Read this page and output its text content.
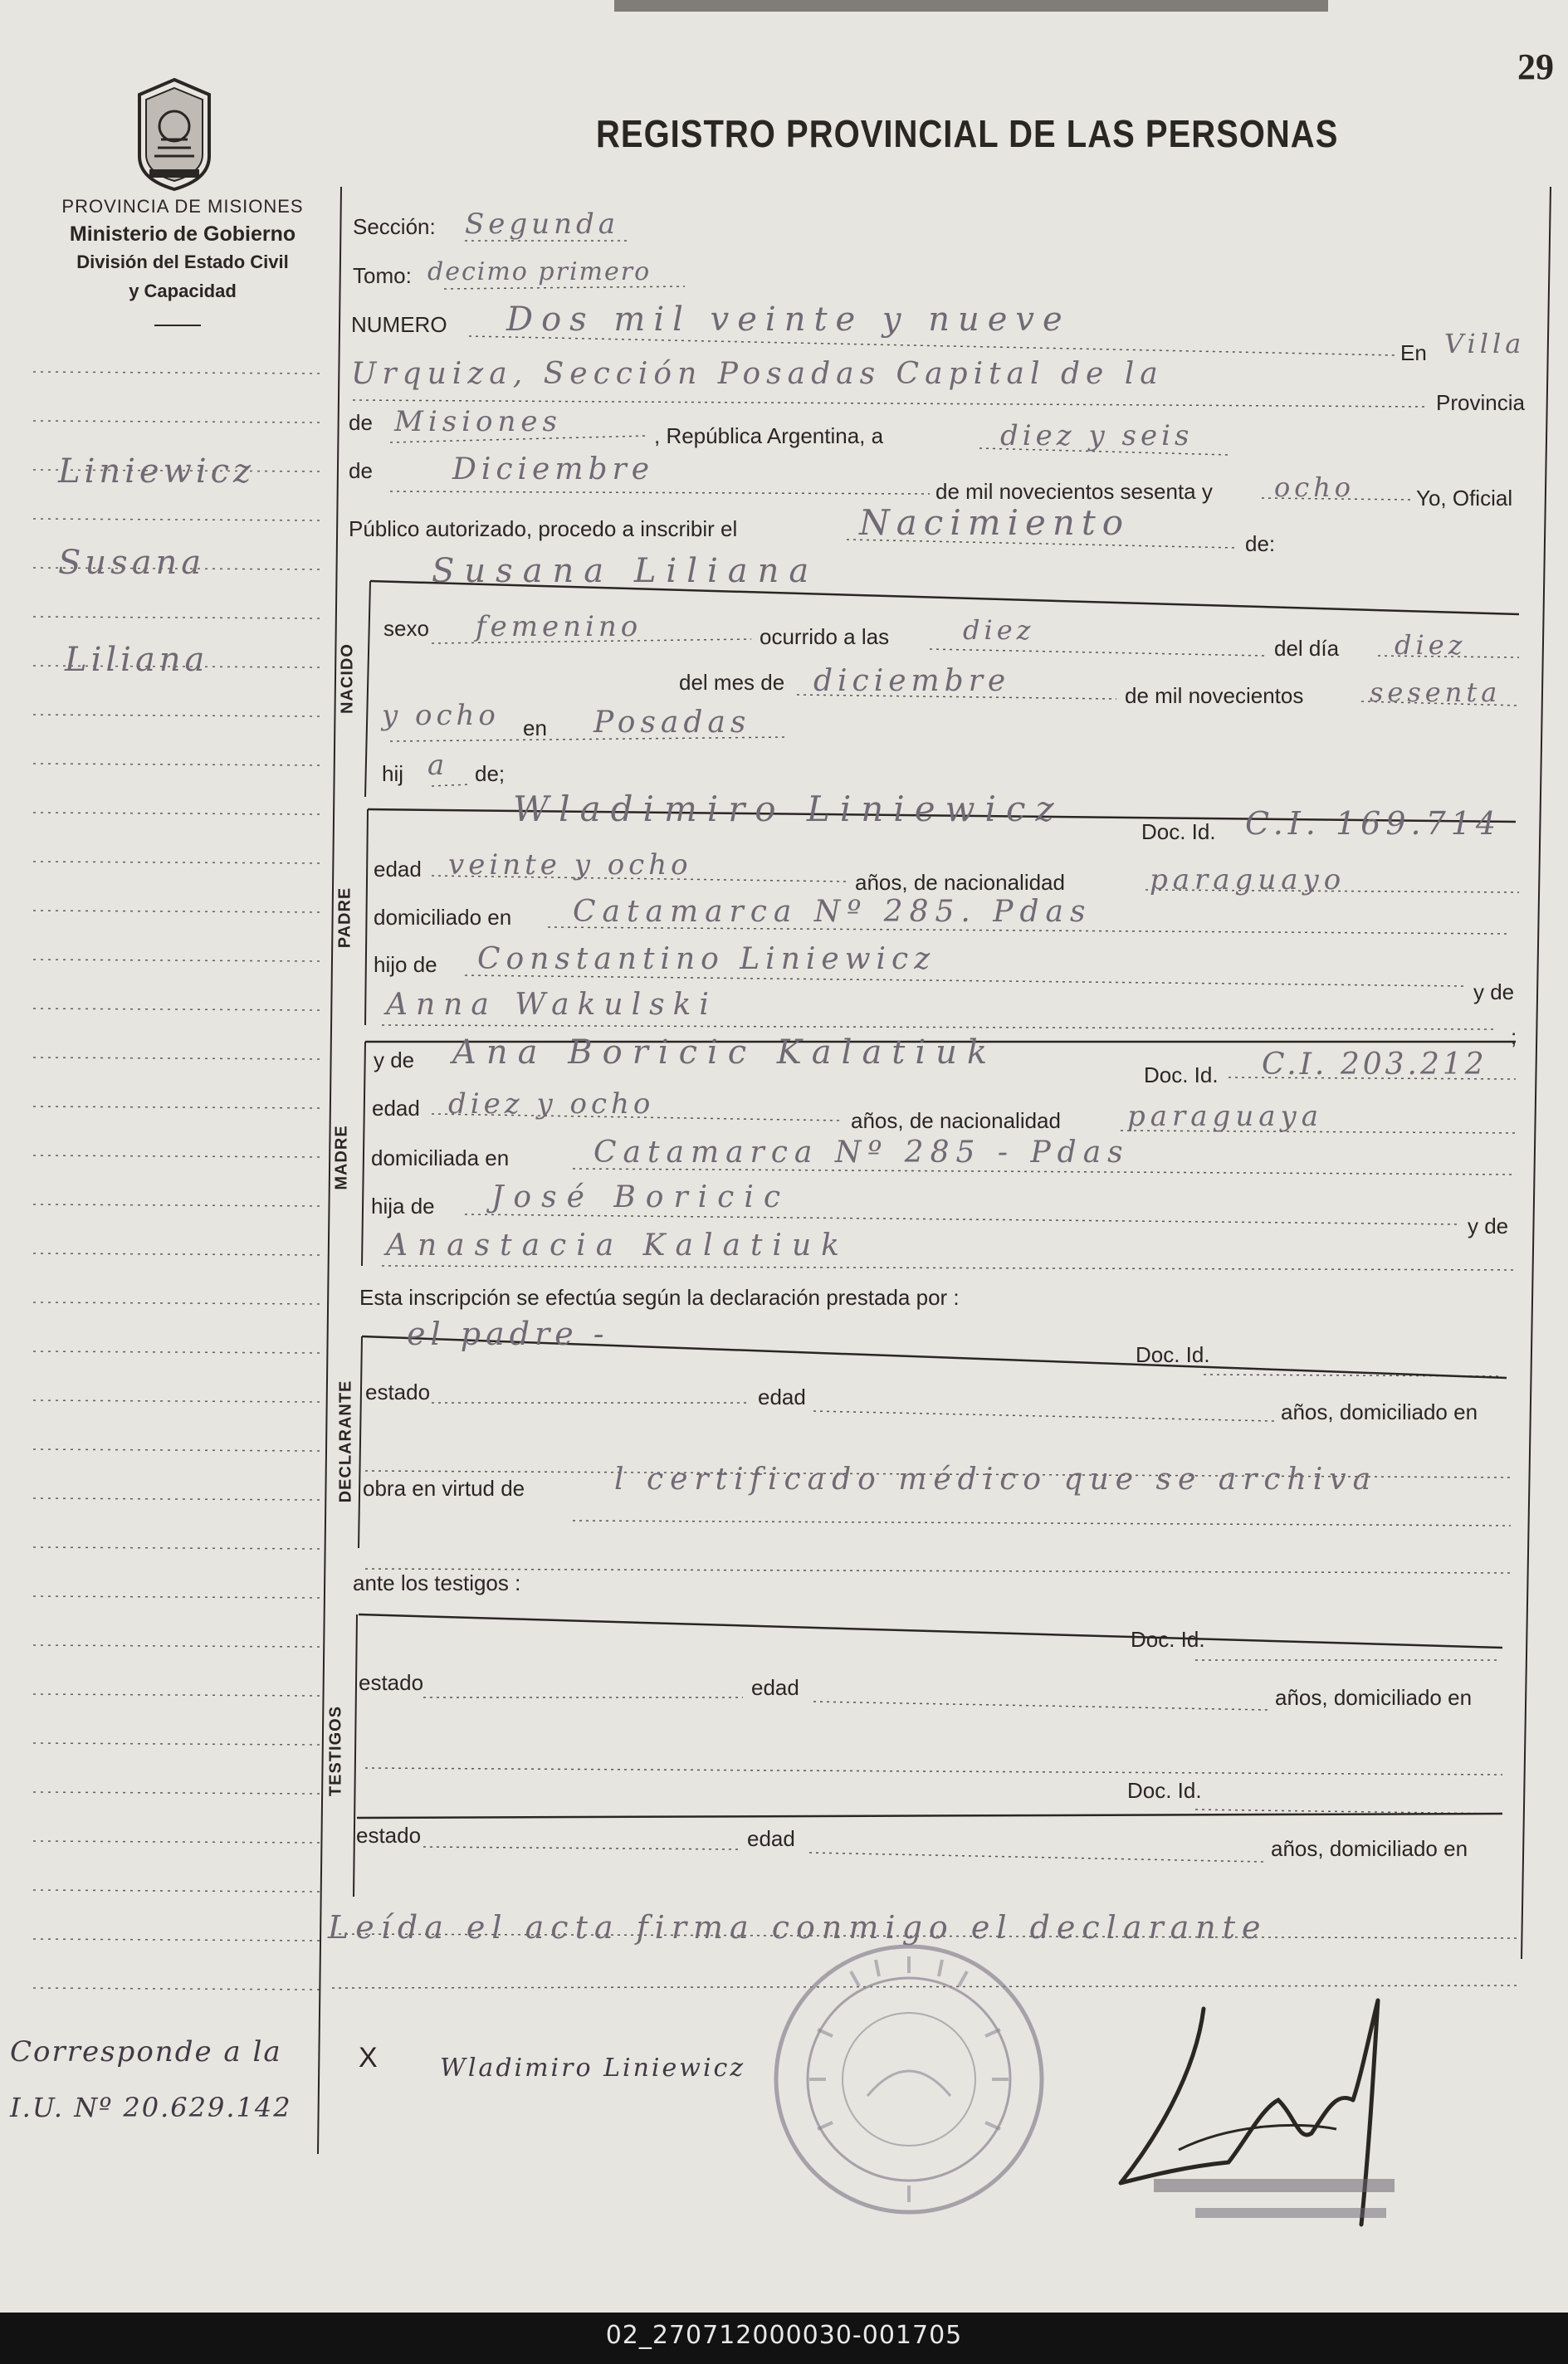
29
PROVINCIA DE MISIONES
Ministerio de Gobierno
División del Estado Civil
y Capacidad
REGISTRO PROVINCIAL DE LAS PERSONAS
Liniewicz
Susana
Liliana
Corresponde a la
I.U. Nº 20.629.142
Sección: Segunda
Tomo: decimo primero
NUMERO Dos mil veinte y nueve
En Villa
Urquiza, Sección Posadas Capital de la
Provincia
de Misiones	, República Argentina, a	diez y seis
de	Diciembre
de mil novecientos sesenta y ocho	Yo, Oficial
Público autorizado, procedo a inscribir el	Nacimiento
de:
NACIDO
Susana Liliana
sexo femenino	ocurrido a las	diez
del día diez
del mes de diciembre	de mil novecientos sesenta
y ocho en Posadas
hij a de;
PADRE
Wladimiro Liniewicz
Doc. Id. C.I. 169.714
edad veinte y ocho
años, de nacionalidad	paraguayo
domiciliado en Catamarca Nº 285. Pdas
hijo de Constantino Liniewicz
y de
Anna Wakulski
;
MADRE
y de Ana Boricic Kalatiuk
Doc. Id. C.I. 203.212
edad diez y ocho	años, de nacionalidad paraguaya
domiciliada en	Catamarca Nº 285 - Pdas
hija de José Boricic
y de
Anastacia Kalatiuk
Esta inscripción se efectúa según la declaración prestada por :
DECLARANTE
el padre -
Doc. Id.
estado	edad
años, domiciliado en
obra en virtud de	l certificado médico que se archiva
ante los testigos :
TESTIGOS
Doc. Id.
estado	edad	años, domiciliado en
Doc. Id.
estado	edad	años, domiciliado en
Leída el acta firma conmigo el declarante
X	Wladimiro Liniewicz
02_270712000030-001705
